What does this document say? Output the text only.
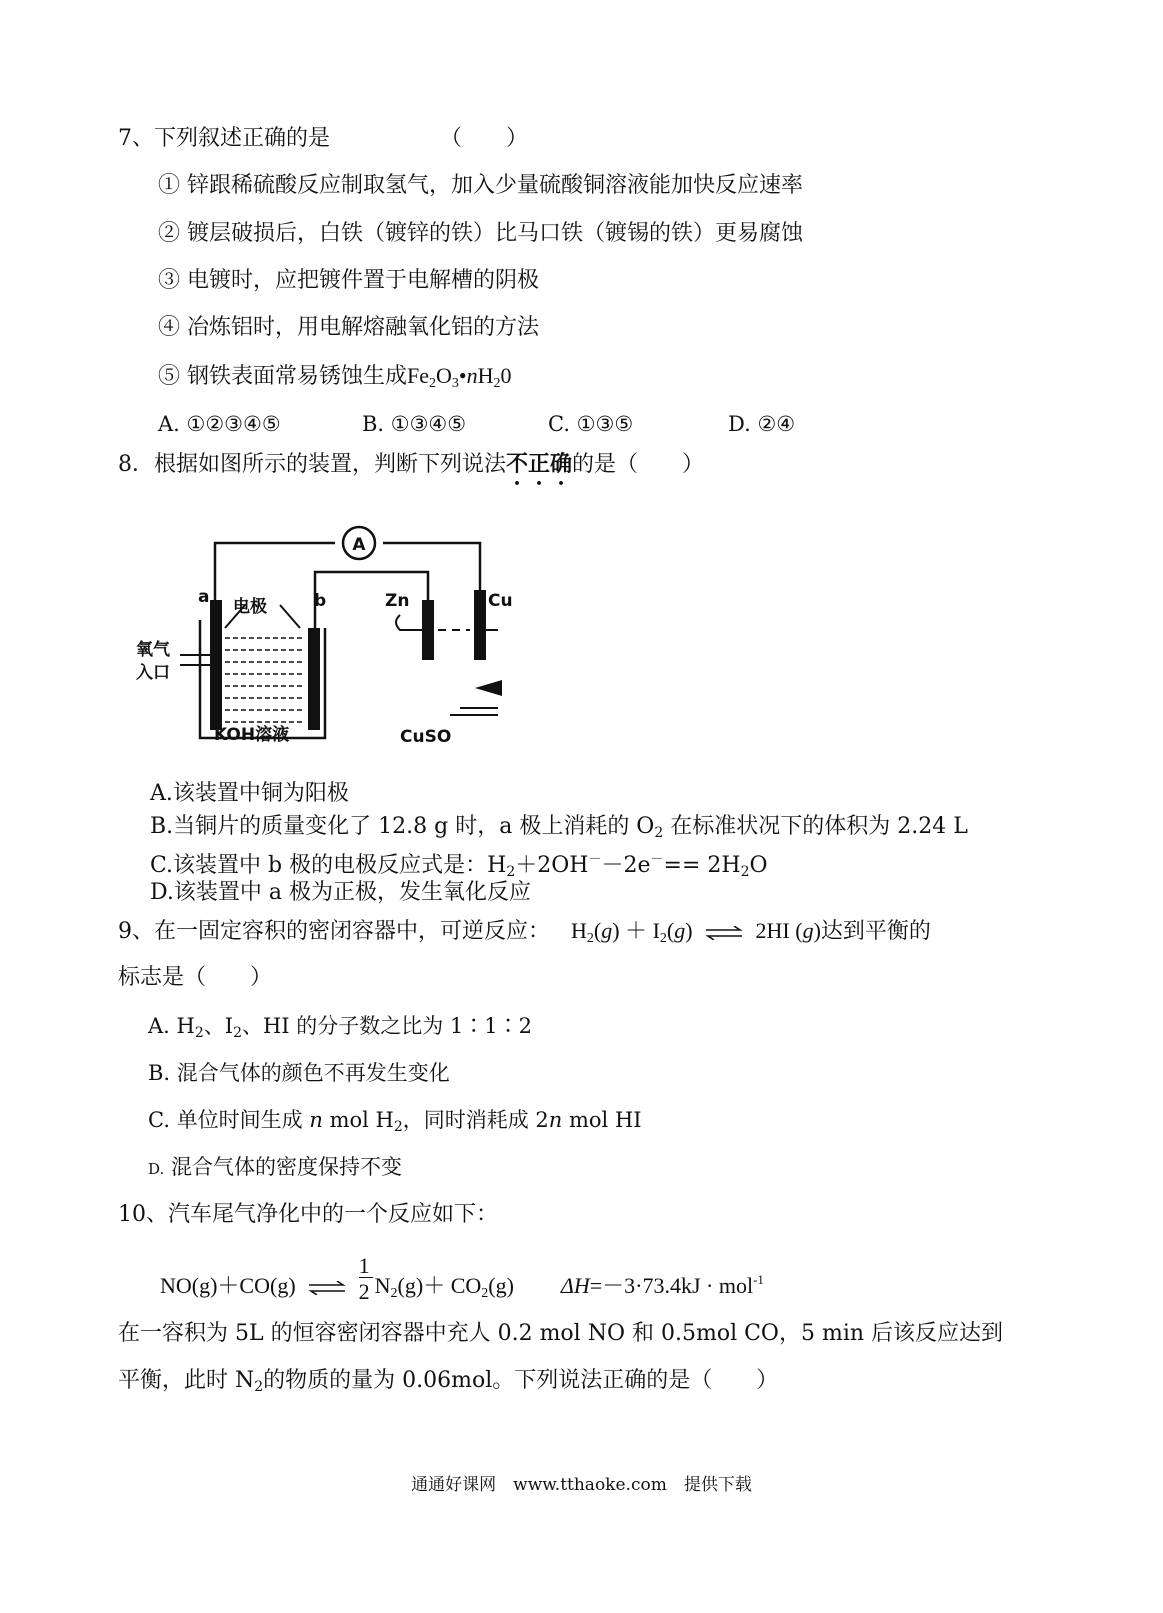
7、下列叙述正确的是	（　　）
① 锌跟稀硫酸反应制取氢气，加入少量硫酸铜溶液能加快反应速率
② 镀层破损后，白铁（镀锌的铁）比马口铁（镀锡的铁）更易腐蚀
③ 电镀时，应把镀件置于电解槽的阴极
④ 冶炼铝时，用电解熔融氧化铝的方法
⑤ 钢铁表面常易锈蚀生成$Fe_2O_3•nH_20$
A. ①②③④⑤	B. ①③④⑤	C. ①③⑤	D. ②④
8．根据如图所示的装置，判断下列说法不正确的是（　　）
A
a 电极	b
氧气
入口
KOH溶液
Zn	Cu
CuSO
A.该装置中铜为阳极
B.当铜片的质量变化了 12.8 g 时，a 极上消耗的 $O_2$ 在标准状况下的体积为 2.24 L
C.该装置中 b 极的电极反应式是：$H_2+2OH^--2e^-== 2H_2O$
D.该装置中 a 极为正极，发生氧化反应
9、在一固定容积的密闭容器中，可逆反应： $H_2(g) + I_2(g)$ ⇌ 2HI (g)达到平衡的
标志是（　　）
A. $H_2$、$I_2$、HI 的分子数之比为 1∶1∶2
B. 混合气体的颜色不再发生变化
C. 单位时间生成 n mol $H_2$，同时消耗成 2n mol HI
D. 混合气体的密度保持不变
10、汽车尾气净化中的一个反应如下：
NO(g)＋CO(g) ⇌ $\frac{1}{2} N_2(g)+ CO_2(g) \Delta H=-3\cdot 73.4kJ \cdot mol^{-1}$
在一容积为 5L 的恒容密闭容器中充人 0.2 mol NO 和 0.5mol CO，5 min 后该反应达到
平衡，此时 $N_2$的物质的量为 0.06mol。下列说法正确的是（　　）
通通好课网　www.tthaoke.com　提供下载
